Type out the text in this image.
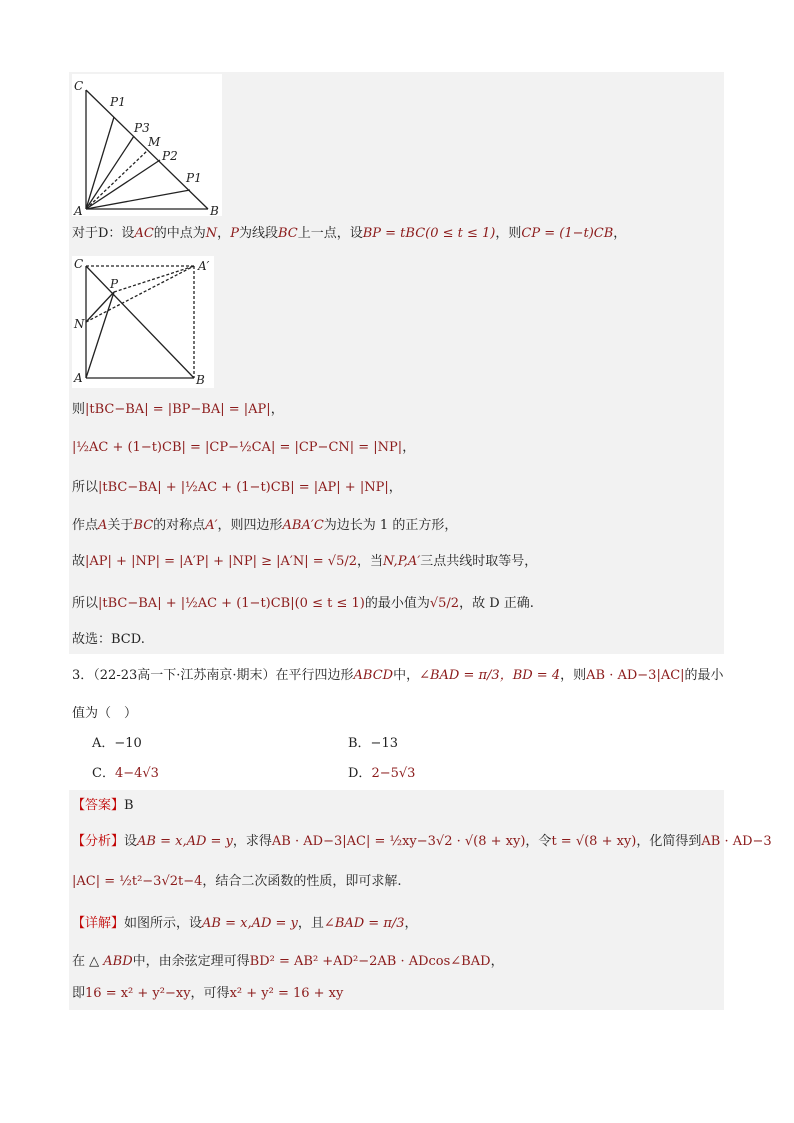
C
P1
P3
M
P2
P1
A	B
对于D：设AC的中点为N，P为线段BC上一点，设BP = tBC(0 ≤ t ≤ 1)，则CP = (1−t)CB，
C	A′
P
N
A	B
则|tBC−BA| = |BP−BA| = |AP|，
|½AC + (1−t)CB| = |CP−½CA| = |CP−CN| = |NP|，
所以|tBC−BA| + |½AC + (1−t)CB| = |AP| + |NP|，
作点A关于BC的对称点A′，则四边形ABA′C为边长为 1 的正方形，
故|AP| + |NP| = |A′P| + |NP| ≥ |A′N| = √5/2，当N,P,A′三点共线时取等号，
所以|tBC−BA| + |½AC + (1−t)CB|(0 ≤ t ≤ 1)的最小值为√5/2，故 D 正确.
故选：BCD.
3．（22-23高一下·江苏南京·期末）在平行四边形ABCD中，∠BAD = π/3，BD = 4，则AB · AD−3|AC|的最小
值为（　）
A．−10	B．−13
C．4−4√3	D．2−5√3
【答案】B
【分析】设AB = x,AD = y，求得AB · AD−3|AC| = ½xy−3√2 · √(8 + xy)，令t = √(8 + xy)，化简得到AB · AD−3
|AC| = ½t²−3√2t−4，结合二次函数的性质，即可求解.
【详解】如图所示，设AB = x,AD = y，且∠BAD = π/3，
在 △ ABD中，由余弦定理可得BD² = AB² +AD²−2AB · ADcos∠BAD，
即16 = x² + y²−xy，可得x² + y² = 16 + xy
